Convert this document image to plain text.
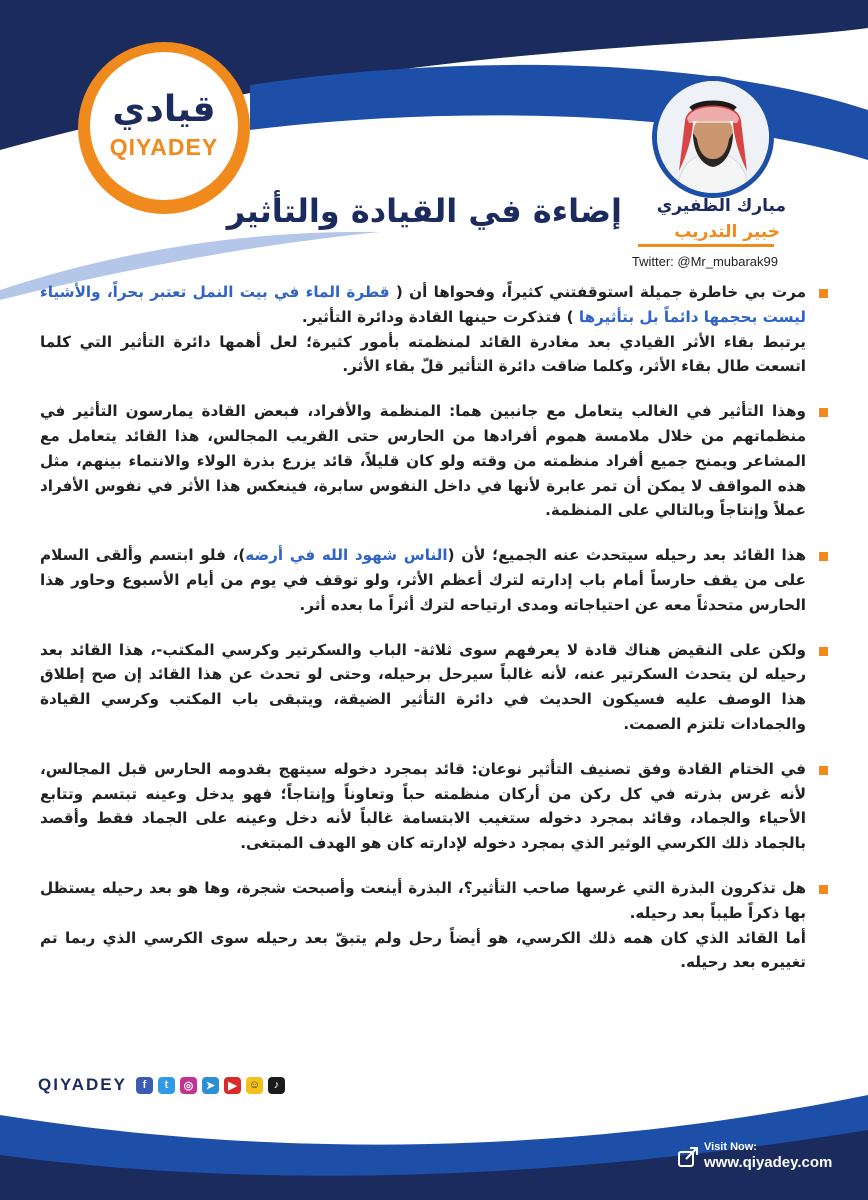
قيادي
QIYADEY
مبارك الظفيري
خبير التدريب
Twitter: @Mr_mubarak99
إضاءة في القيادة والتأثير

مرت بي خاطرة جميلة استوقفتني كثيراً، وفحواها أن ( قطرة الماء في بيت النمل تعتبر بحراً، والأشياء ليست بحجمها دائماً بل بتأثيرها ) فتذكرت حينها القادة ودائرة التأثير.

يرتبط بقاء الأثر القيادي بعد مغادرة القائد لمنظمته بأمور كثيرة؛ لعل أهمها دائرة التأثير التي كلما اتسعت طال بقاء الأثر، وكلما ضاقت دائرة التأثير قلّ بقاء الأثر.

وهذا التأثير في الغالب يتعامل مع جانبين هما: المنظمة والأفراد، فبعض القادة يمارسون التأثير في منظماتهم من خلال ملامسة هموم أفرادها من الحارس حتى القريب المجالس، هذا القائد يتعامل مع المشاعر ويمنح جميع أفراد منظمته من وقته ولو كان قليلاً، قائد يزرع بذرة الولاء والانتماء بينهم، مثل هذه المواقف لا يمكن أن تمر عابرة لأنها في داخل النفوس سابرة، فينعكس هذا الأثر في نفوس الأفراد عملاً وإنتاجاً وبالتالي على المنظمة.

هذا القائد بعد رحيله سيتحدث عنه الجميع؛ لأن (الناس شهود الله في أرضه)، فلو ابتسم وألقى السلام على من يقف حارساً أمام باب إدارته لترك أعظم الأثر، ولو توقف في يوم من أيام الأسبوع وحاور هذا الحارس متحدثاً معه عن احتياجاته ومدى ارتياحه لترك أثراً ما بعده أثر.

ولكن على النقيض هناك قادة لا يعرفهم سوى ثلاثة- الباب والسكرتير وكرسي المكتب-، هذا القائد بعد رحيله لن يتحدث السكرتير عنه، لأنه غالباً سيرحل برحيله، وحتى لو تحدث عن هذا القائد إن صح إطلاق هذا الوصف عليه فسيكون الحديث في دائرة التأثير الضيقة، ويتبقى باب المكتب وكرسي القيادة والجمادات تلتزم الصمت.

في الختام القادة وفق تصنيف التأثير نوعان: قائد بمجرد دخوله سيتهج بقدومه الحارس قبل المجالس، لأنه غرس بذرته في كل ركن من أركان منظمته حباً وتعاوناً وإنتاجاً؛ فهو يدخل وعينه تبتسم وتتابع الأحياء والجماد، وقائد بمجرد دخوله ستغيب الابتسامة غالباً لأنه دخل وعينه على الجماد فقط وأقصد بالجماد ذلك الكرسي الوثير الذي بمجرد دخوله لإدارته كان هو الهدف المبتغى.

هل تذكرون البذرة التي غرسها صاحب التأثير؟، البذرة أينعت وأصبحت شجرة، وها هو بعد رحيله يستظل بها ذكراً طيباً بعد رحيله.

أما القائد الذي كان همه ذلك الكرسي، هو أيضاً رحل ولم يتبقّ بعد رحيله سوى الكرسي الذي ربما تم تغييره بعد رحيله.

QIYADEY	f	t	◎	➤	▶	☺	♪
Visit Now:
www.qiyadey.com
